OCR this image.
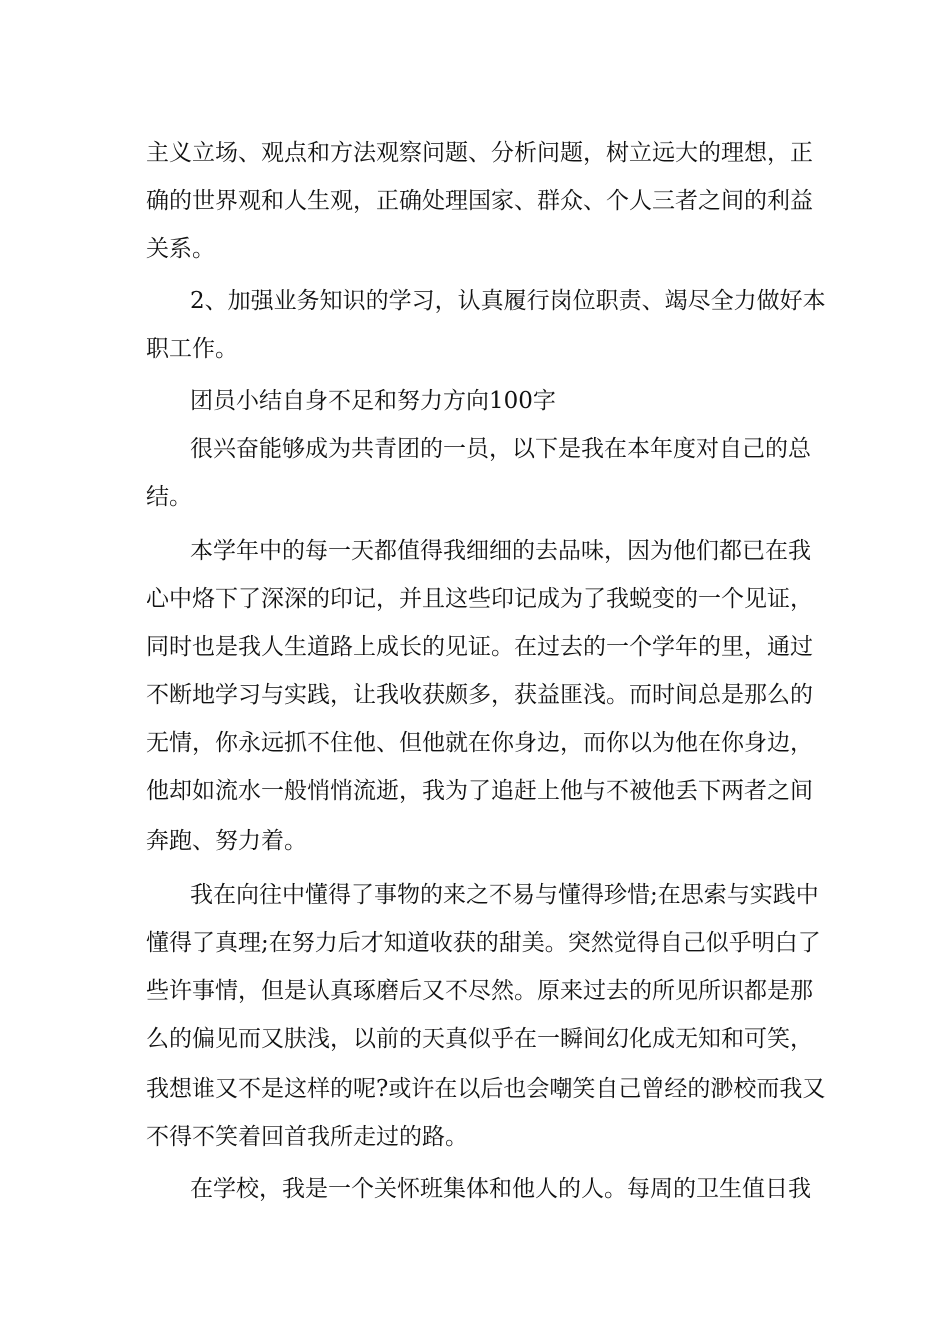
主义立场、观点和方法观察问题、分析问题，树立远大的理想，正
确的世界观和人生观，正确处理国家、群众、个人三者之间的利益
关系。
2、加强业务知识的学习，认真履行岗位职责、竭尽全力做好本
职工作。
团员小结自身不足和努力方向100字
很兴奋能够成为共青团的一员，以下是我在本年度对自己的总
结。
本学年中的每一天都值得我细细的去品味，因为他们都已在我
心中烙下了深深的印记，并且这些印记成为了我蜕变的一个见证，
同时也是我人生道路上成长的见证。在过去的一个学年的里，通过
不断地学习与实践，让我收获颇多，获益匪浅。而时间总是那么的
无情，你永远抓不住他、但他就在你身边，而你以为他在你身边，
他却如流水一般悄悄流逝，我为了追赶上他与不被他丢下两者之间
奔跑、努力着。
我在向往中懂得了事物的来之不易与懂得珍惜;在思索与实践中
懂得了真理;在努力后才知道收获的甜美。突然觉得自己似乎明白了
些许事情，但是认真琢磨后又不尽然。原来过去的所见所识都是那
么的偏见而又肤浅，以前的天真似乎在一瞬间幻化成无知和可笑，
我想谁又不是这样的呢?或许在以后也会嘲笑自己曾经的渺校而我又
不得不笑着回首我所走过的路。
在学校，我是一个关怀班集体和他人的人。每周的卫生值日我
